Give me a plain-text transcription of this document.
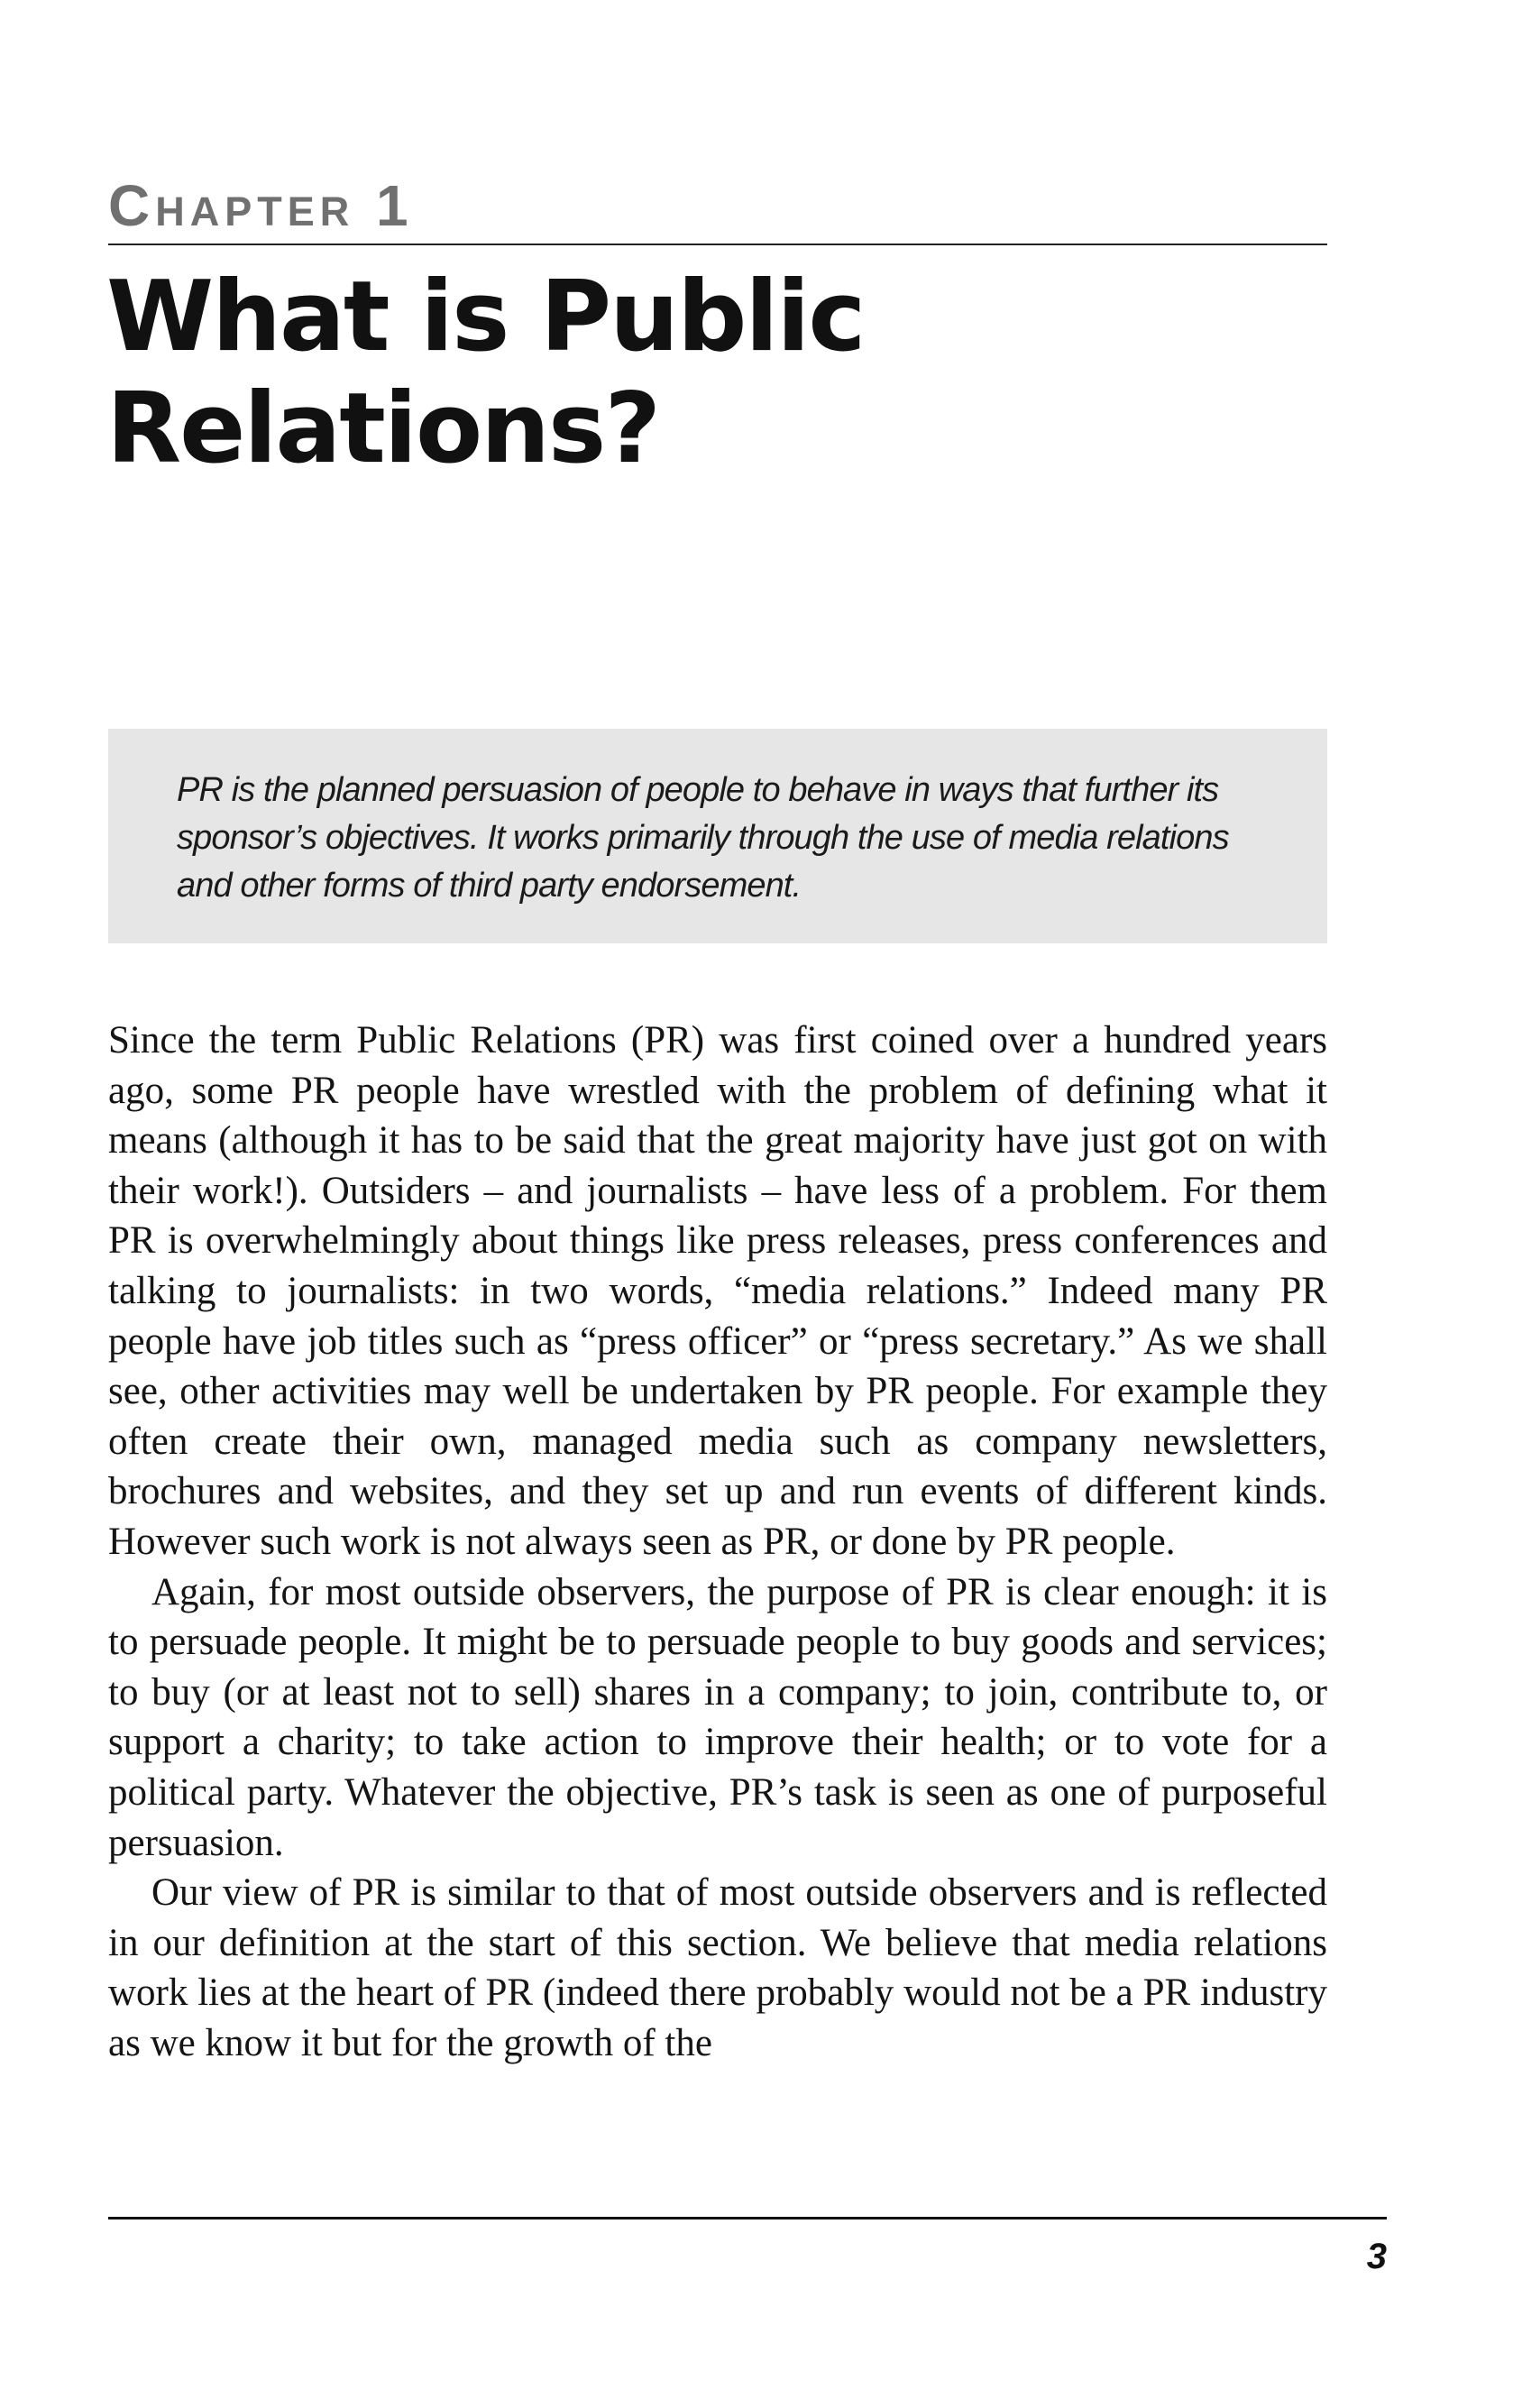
Chapter 1
What is Public
Relations?

PR is the planned persuasion of people to behave in ways that further its sponsor’s objectives. It works primarily through the use of media relations and other forms of third party endorsement.

Since the term Public Relations (PR) was first coined over a hundred years ago, some PR people have wrestled with the problem of defining what it means (although it has to be said that the great majority have just got on with their work!). Outsiders – and journalists – have less of a problem. For them PR is overwhelmingly about things like press releases, press conferences and talking to journalists: in two words, “media relations.” Indeed many PR people have job titles such as “press officer” or “press secretary.” As we shall see, other activities may well be undertaken by PR people. For example they often create their own, managed media such as company newsletters, brochures and websites, and they set up and run events of different kinds. However such work is not always seen as PR, or done by PR people.

Again, for most outside observers, the purpose of PR is clear enough: it is to persuade people. It might be to persuade people to buy goods and services; to buy (or at least not to sell) shares in a company; to join, contribute to, or support a charity; to take action to improve their health; or to vote for a political party. Whatever the objective, PR’s task is seen as one of purposeful persuasion.

Our view of PR is similar to that of most outside observers and is reflected in our definition at the start of this section. We believe that media relations work lies at the heart of PR (indeed there probably would not be a PR industry as we know it but for the growth of the

3
